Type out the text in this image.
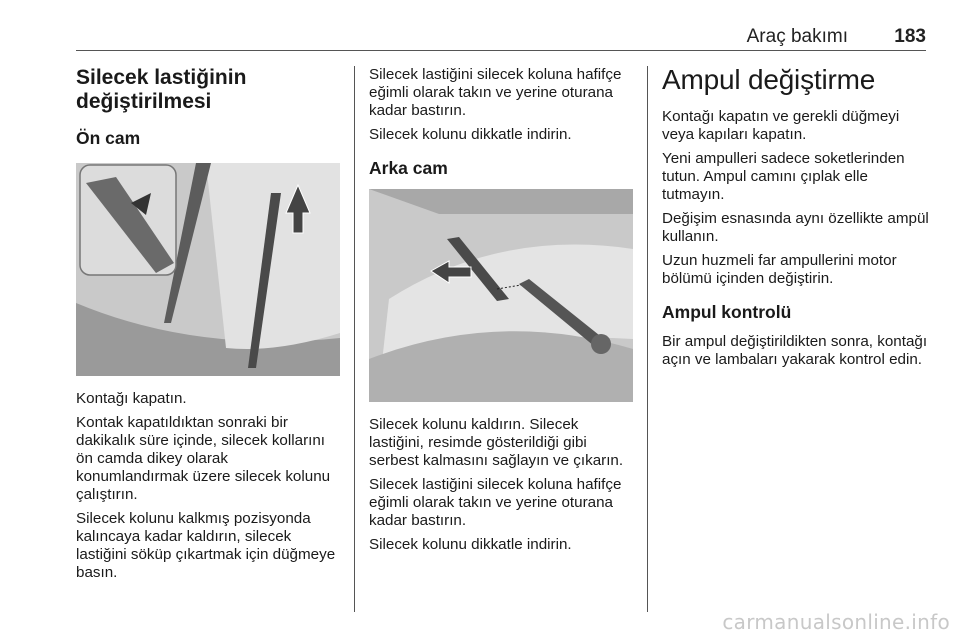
Araç bakımı 183
Silecek lastiğinin değiştirilmesi
Ön cam

Kontağı kapatın.

Kontak kapatıldıktan sonraki bir dakikalık süre içinde, silecek kollarını ön camda dikey olarak konumlandırmak üzere silecek kolunu çalıştırın.

Silecek kolunu kalkmış pozisyonda kalıncaya kadar kaldırın, silecek lastiğini söküp çıkartmak için düğmeye basın.

Silecek lastiğini silecek koluna hafifçe eğimli olarak takın ve yerine oturana kadar bastırın.

Silecek kolunu dikkatle indirin.

Arka cam

Silecek kolunu kaldırın. Silecek lastiğini, resimde gösterildiği gibi serbest kalmasını sağlayın ve çıkarın.

Silecek lastiğini silecek koluna hafifçe eğimli olarak takın ve yerine oturana kadar bastırın.

Silecek kolunu dikkatle indirin.

Ampul değiştirme

Kontağı kapatın ve gerekli düğmeyi veya kapıları kapatın.

Yeni ampulleri sadece soketlerinden tutun. Ampul camını çıplak elle tutmayın.

Değişim esnasında aynı özellikte ampül kullanın.

Uzun huzmeli far ampullerini motor bölümü içinden değiştirin.

Ampul kontrolü

Bir ampul değiştirildikten sonra, kontağı açın ve lambaları yakarak kontrol edin.

carmanualsonline.info
